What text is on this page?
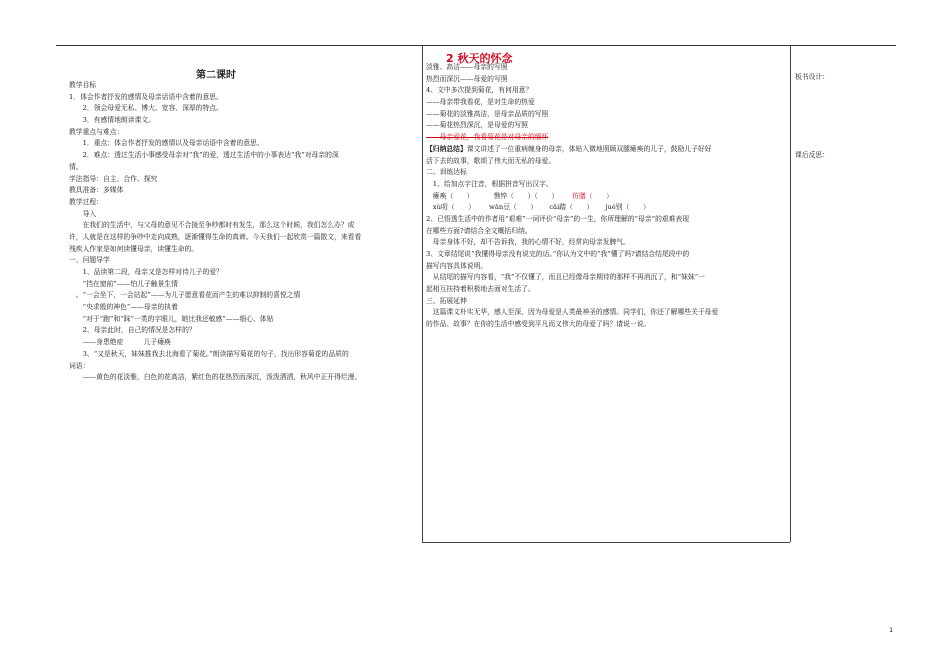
2 秋天的怀念
第二课时
教学目标
1．体会作者抒发的感情及母亲话语中含着的意思。
　　2．领会母爱无私、博大、宽容、深厚的特点。
　　3．有感情地朗读课文。
教学重点与难点：
　　1．重点：体会作者抒发的感情以及母亲话语中含着的意思。
　　2．难点：透过生活小事感受母亲对“我”的爱，透过生活中的小事表达“我”对母亲的深
情。
学法指导：自主、合作、探究
教具准备：多媒体
教学过程：
　　导入
　　在我们的生活中，与父母的意见不合拢至争吵都时有发生，那么这个时候，我们怎么办？或
许，人就是在这样的争吵中走向成熟，逐渐懂得生命的真谛。今天我们一起欣赏一篇散文，来看看
残疾人作家是如何读懂母亲，读懂生命的。
一、问题导学
　　1、品读第二段，母亲又是怎样对待儿子的爱？
　　“挡在窗前”——怕儿子触景生情
　。“一会坐下，一会站起”——为儿子愿意看花而产生的难以抑制的喜悦之情
　　“央求般的神色”——母亲的执着
　　“对于“跑”和“踩”一类的字眼儿，她比我还敏感”——细心、体贴
　　2、母亲此时，自己的情况是怎样的？
　　——身患绝症　　　儿子瘫痪
　　3、“又是秋天，妹妹推我去北海看了菊花。”朗读描写菊花的句子，找出形容菊花的品质的
词语：
　　——黄色的花淡雅，白色的花高洁，紫红色的花热烈而深沉，泼泼洒洒，秋风中正开得烂漫。
淡雅、高洁——母亲的写照
热烈而深沉——母爱的写照
4、文中多次提到菊花，有何用意？
——母亲带我看花，是对生命的热爱
——菊花的淡雅高洁，是母亲品质的写照
——菊花热烈深沉，是母爱的写照
——母亲爱花，我看菊花是对母亲的缅怀
【归纳总结】课文讲述了一位重病缠身的母亲，体贴入微地照顾双腿瘫痪的儿子，鼓励儿子好好
活下去的故事，歌颂了伟大而无私的母爱。
二、训练达标
　1、给加点字注音，根据拼音写出汉字。
　瘫痪（　　）	憔悴（　　）（　　） 仿膳（　　）
　xù叨（　　） wān豆（　　） cǎi踏（　　） jué别（　　）
2、已悟透生活中的作者用“艰难”一词评价“母亲”的一生，你所理解的“母亲”的艰难表现
在哪些方面?请结合全文概括归纳。
　母亲身体不好，却不告诉我，我的心情不好，经常向母亲发脾气。
3、文章结尾说“我懂得母亲没有说完的话。”你认为文中的“我”懂了吗?请结合结尾段中的
描写内容具体说明。
　从结尾的描写内容看，“我”不仅懂了，而且已经像母亲期待的那样不再消沉了，和“妹妹”一
起相互扶持着积极地去面对生活了。
三、拓展延伸
　这篇课文朴实无华，感人至深，因为母爱是人类最神圣的感情。同学们，你还了解哪些关于母爱
的作品、故事？在你的生活中感受到平凡而又伟大的母爱了吗？请说一说。
板书设计：
课后反思：
1
